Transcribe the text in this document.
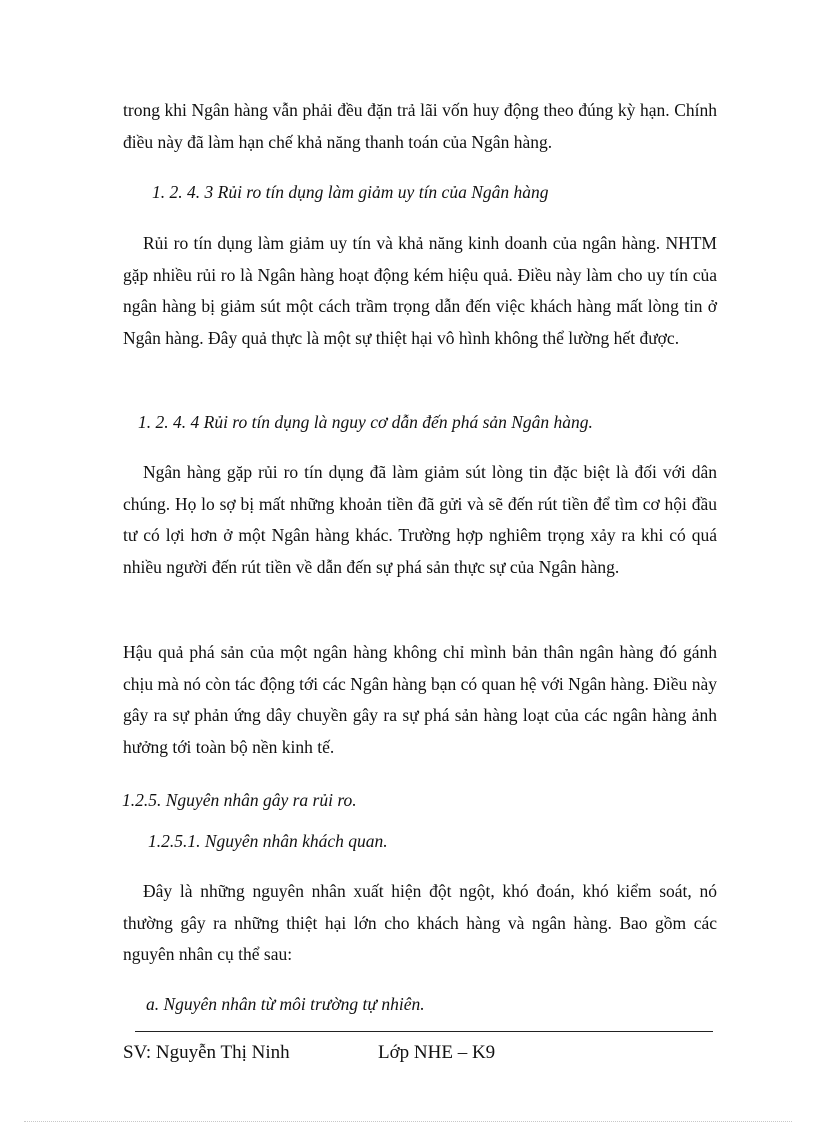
trong khi Ngân hàng vẫn phải đều đặn trả lãi vốn huy động theo đúng kỳ hạn. Chính điều này đã làm hạn chế khả năng thanh toán của Ngân hàng.

1. 2. 4. 3 Rủi ro tín dụng làm giảm uy tín của Ngân hàng

Rủi ro tín dụng làm giảm uy tín và khả năng kinh doanh của ngân hàng. NHTM gặp nhiều rủi ro là Ngân hàng hoạt động kém hiệu quả. Điều này làm cho uy tín của ngân hàng bị giảm sút một cách trầm trọng dẫn đến việc khách hàng mất lòng tin ở Ngân hàng. Đây quả thực là một sự thiệt hại vô hình không thể lường hết được.

1. 2. 4. 4 Rủi ro tín dụng là nguy cơ dẫn đến phá sản Ngân hàng.

Ngân hàng gặp rủi ro tín dụng đã làm giảm sút lòng tin đặc biệt là đối với dân chúng. Họ lo sợ bị mất những khoản tiền đã gửi và sẽ đến rút tiền để tìm cơ hội đầu tư có lợi hơn ở một Ngân hàng khác. Trường hợp nghiêm trọng xảy ra khi có quá nhiều người đến rút tiền về dẫn đến sự phá sản thực sự của Ngân hàng.

Hậu quả phá sản của một ngân hàng không chỉ mình bản thân ngân hàng đó gánh chịu mà nó còn tác động tới các Ngân hàng bạn có quan hệ với Ngân hàng. Điều này gây ra sự phản ứng dây chuyền gây ra sự phá sản hàng loạt của các ngân hàng ảnh hưởng tới toàn bộ nền kinh tế.

1.2.5. Nguyên nhân gây ra rủi ro.

1.2.5.1. Nguyên nhân khách quan.

Đây là những nguyên nhân xuất hiện đột ngột, khó đoán, khó kiểm soát, nó thường gây ra những thiệt hại lớn cho khách hàng và ngân hàng. Bao gồm các nguyên nhân cụ thể sau:

a. Nguyên nhân từ môi trường tự nhiên.

SV: Nguyễn Thị Ninh	Lớp NHE – K9
